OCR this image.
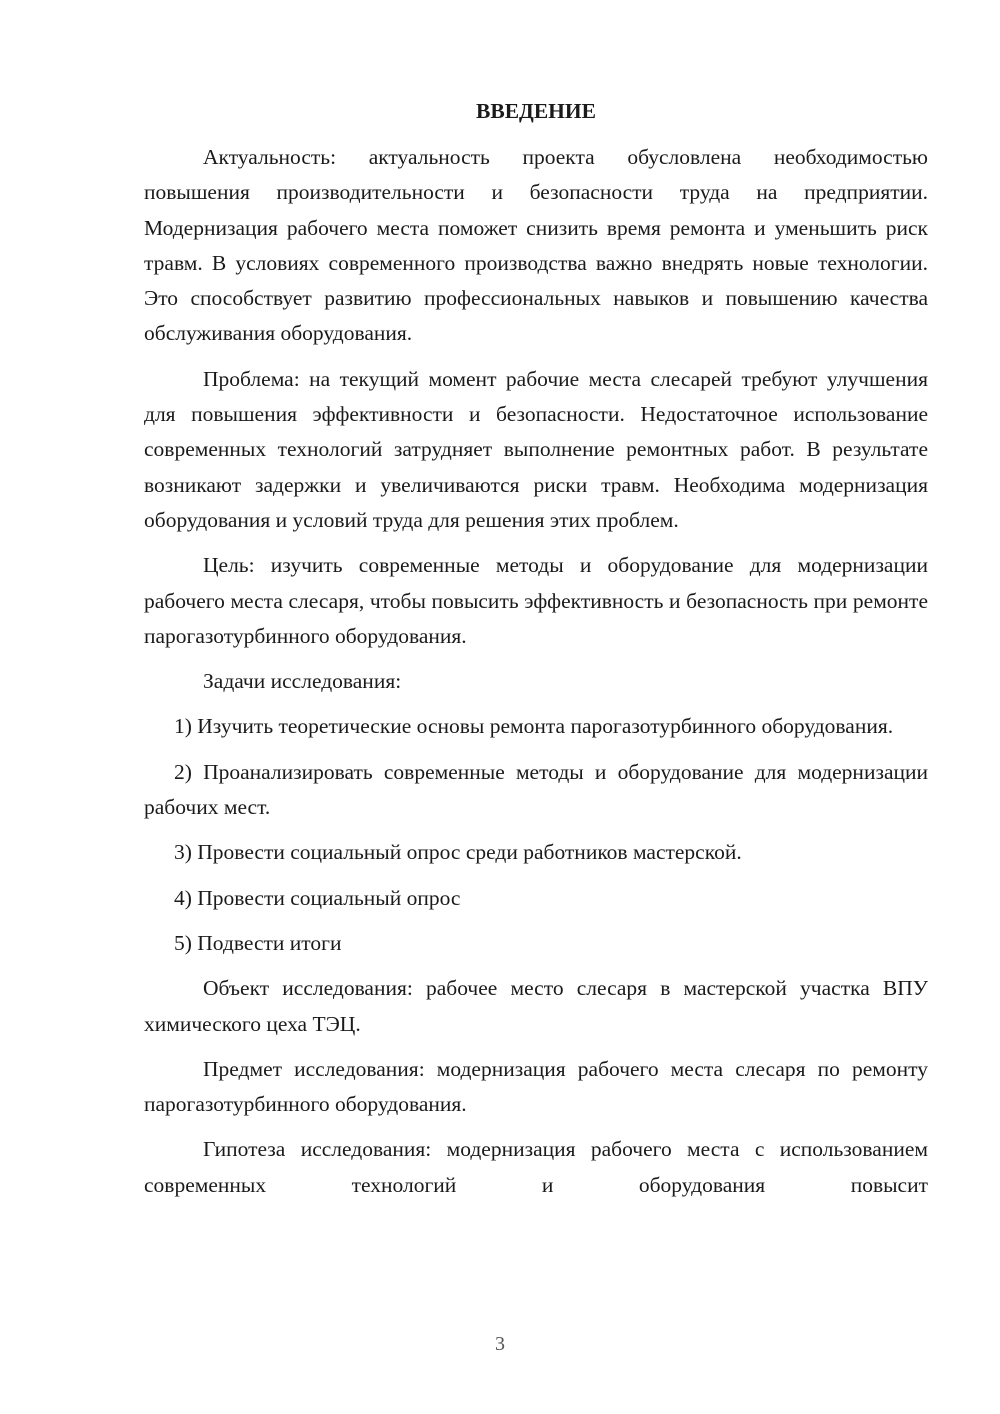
ВВЕДЕНИЕ

Актуальность: актуальность проекта обусловлена необходимостью повышения производительности и безопасности труда на предприятии. Модернизация рабочего места поможет снизить время ремонта и уменьшить риск травм. В условиях современного производства важно внедрять новые технологии. Это способствует развитию профессиональных навыков и повышению качества обслуживания оборудования.

Проблема: на текущий момент рабочие места слесарей требуют улучшения для повышения эффективности и безопасности. Недостаточное использование современных технологий затрудняет выполнение ремонтных работ. В результате возникают задержки и увеличиваются риски травм. Необходима модернизация оборудования и условий труда для решения этих проблем.

Цель: изучить современные методы и оборудование для модернизации рабочего места слесаря, чтобы повысить эффективность и безопасность при ремонте парогазотурбинного оборудования.

Задачи исследования:

1) Изучить теоретические основы ремонта парогазотурбинного оборудования.

2) Проанализировать современные методы и оборудование для модернизации рабочих мест.

3) Провести социальный опрос среди работников мастерской.

4) Провести социальный опрос

5) Подвести итоги

Объект исследования: рабочее место слесаря в мастерской участка ВПУ химического цеха ТЭЦ.

Предмет исследования: модернизация рабочего места слесаря по ремонту парогазотурбинного оборудования.

Гипотеза исследования: модернизация рабочего места с использованием современных технологий и оборудования повысит

3
